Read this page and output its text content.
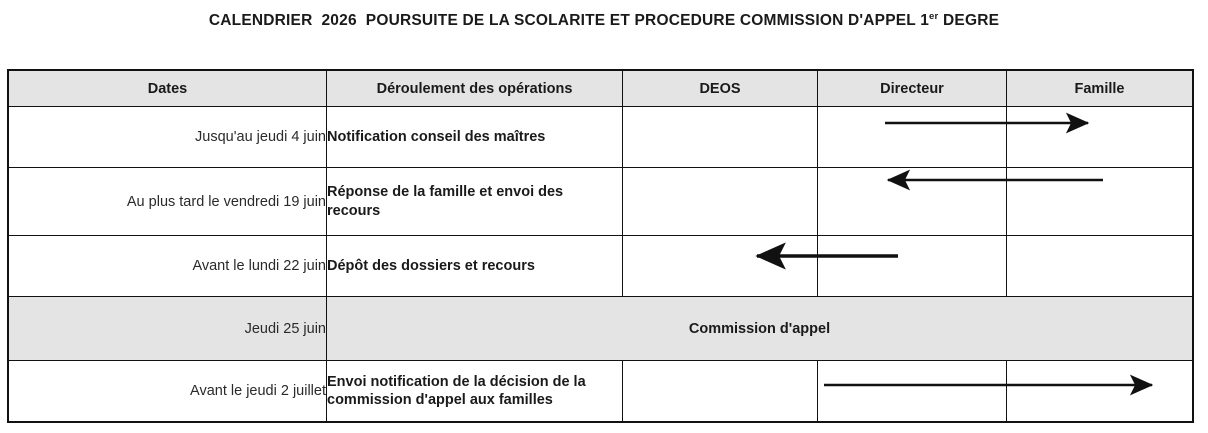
CALENDRIER 2026 POURSUITE DE LA SCOLARITE ET PROCEDURE COMMISSION D'APPEL 1er DEGRE
Dates	Déroulement des opérations	DEOS	Directeur	Famille
Jusqu'au jeudi 4 juin	Notification conseil des maîtres			

Au plus tard le vendredi 19 juin	Réponse de la famille et envoi des
recours			

Avant le lundi 22 juin	Dépôt des dossiers et recours			

Jeudi 25 juin	Commission d'appel			
Avant le jeudi 2 juillet	Envoi notification de la décision de la
commission d'appel aux familles			
